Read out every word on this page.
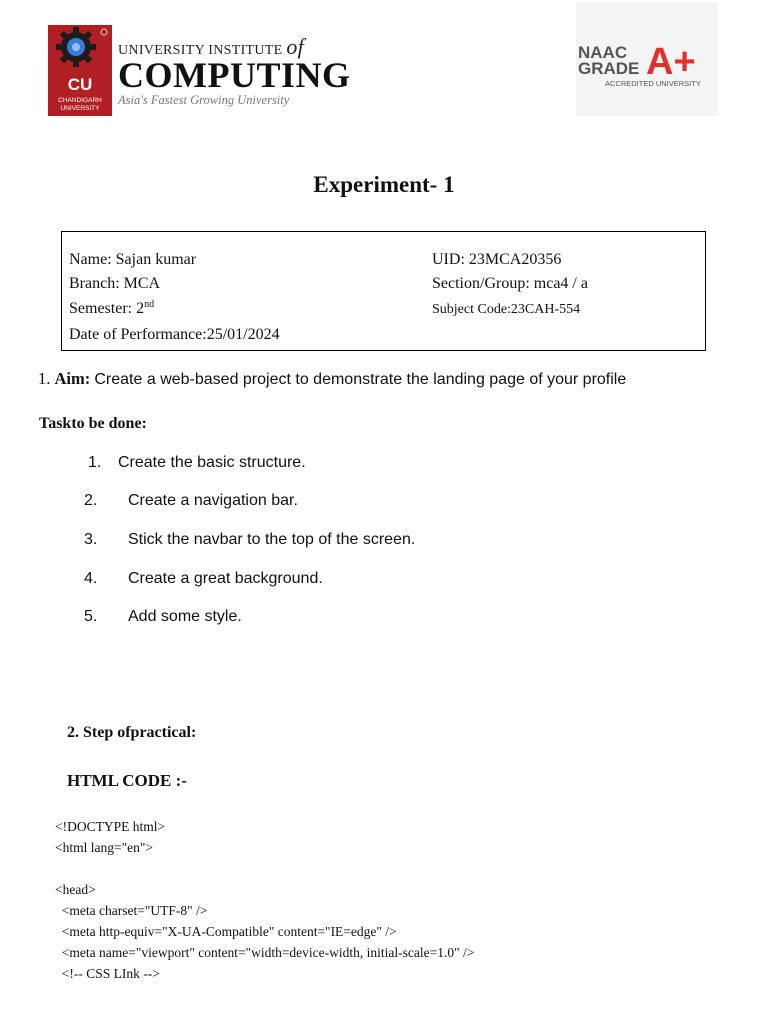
CU
CHANDIGARH
UNIVERSITY
UNIVERSITY INSTITUTE of
COMPUTING
Asia's Fastest Growing University
NAAC
GRADE A+
ACCREDITED UNIVERSITY
Experiment- 1
Name: Sajan kumar
Branch: MCA
Semester: 2nd
Date of Performance:25/01/2024
UID: 23MCA20356
Section/Group: mca4 / a
Subject Code:23CAH-554
1. Aim: Create a web-based project to demonstrate the landing page of your profile
Taskto be done:
1. Create the basic structure.
2. Create a navigation bar.
3. Stick the navbar to the top of the screen.
4. Create a great background.
5. Add some style.
2. Step ofpractical:
HTML CODE :-
<!DOCTYPE html>
<html lang="en">
<head>
<meta charset="UTF-8" />
<meta http-equiv="X-UA-Compatible" content="IE=edge" />
<meta name="viewport" content="width=device-width, initial-scale=1.0" />
<!-- CSS LInk -->
